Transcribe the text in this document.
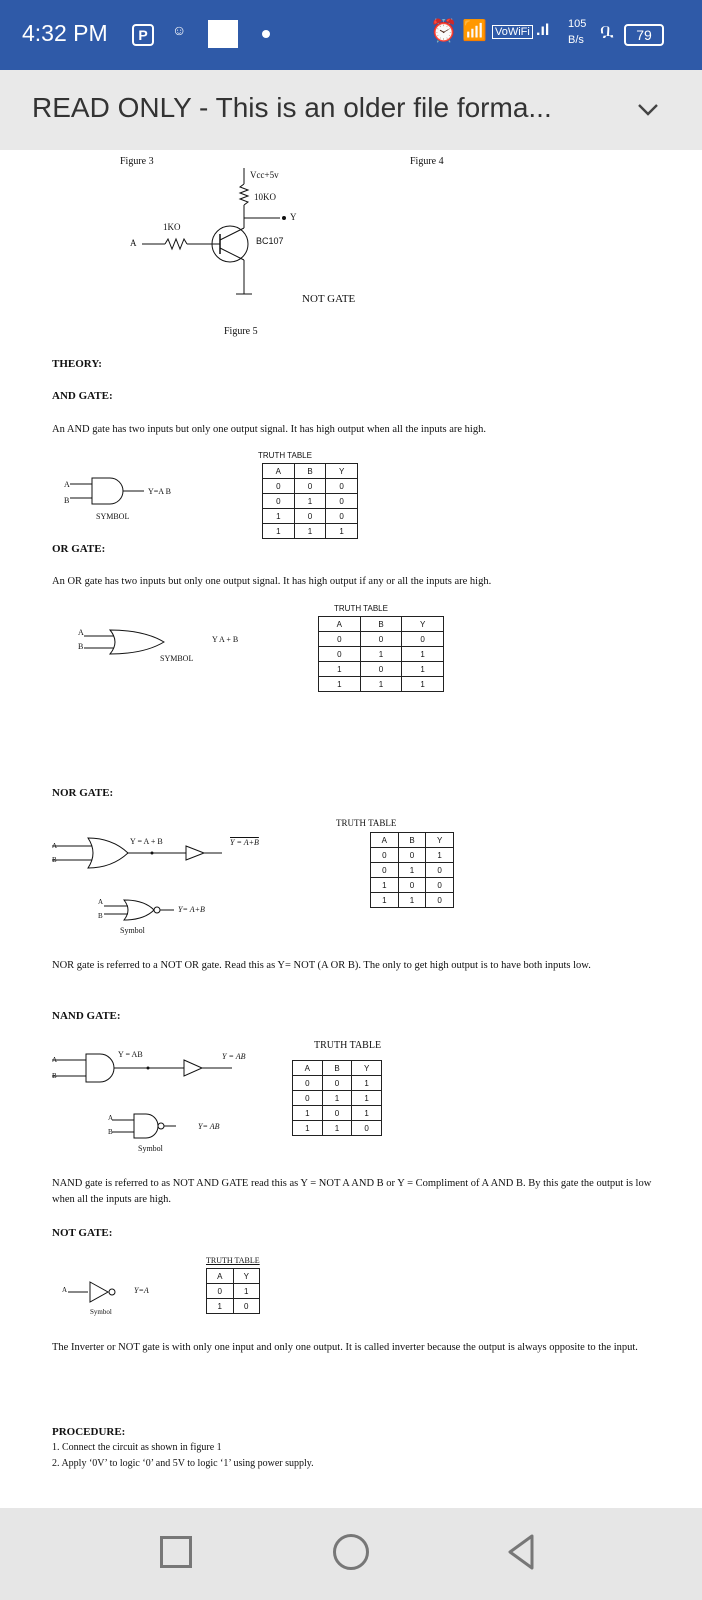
4:32 PM	P	☺	⏰ 📶 VoWiFi .ıl 105
B/s ቧ	79
READ ONLY - This is an older file forma...
Figure 3	Figure 4
Vcc+5v
10KO
Y
1KO
BC107
A
NOT GATE
Figure 5
THEORY:
AND GATE:
An AND gate has two inputs but only one output signal. It has high output when all the inputs are high.
A
B
Y=A B
SYMBOL
TRUTH TABLE
A	B	Y
0	0	0
0	1	0
1	0	0
1	1	1
OR GATE:
An OR gate has two inputs but only one output signal. It has high output if any or all the inputs are high.
A
B
Y A + B
SYMBOL
TRUTH TABLE
A	B	Y
0	0	0
0	1	1
1	0	1
1	1	1
NOR GATE:
A
B
Y = A + B	Y = A+B
A
B
Y= A+B
Symbol
TRUTH TABLE
A	B	Y
0	0	1
0	1	0
1	0	0
1	1	0
NOR gate is referred to a NOT OR gate. Read this as Y= NOT (A OR B). The only to get high output is to have both inputs low.
NAND GATE:
A
B
Y = AB	Y = AB
A
B
Y= AB
Symbol
TRUTH TABLE
A	B	Y
0	0	1
0	1	1
1	0	1
1	1	0
NAND gate is referred to as NOT AND GATE read this as Y = NOT A AND B or Y = Compliment of A AND B. By this gate the output is low when all the inputs are high.
NOT GATE:
A	Y=A
Symbol
TRUTH TABLE
A	Y
0	1
1	0
The Inverter or NOT gate is with only one input and only one output. It is called inverter because the output is always opposite to the input.
PROCEDURE:
1. Connect the circuit as shown in figure 1
2. Apply ‘0V’ to logic ‘0’ and 5V to logic ‘1’ using power supply.
